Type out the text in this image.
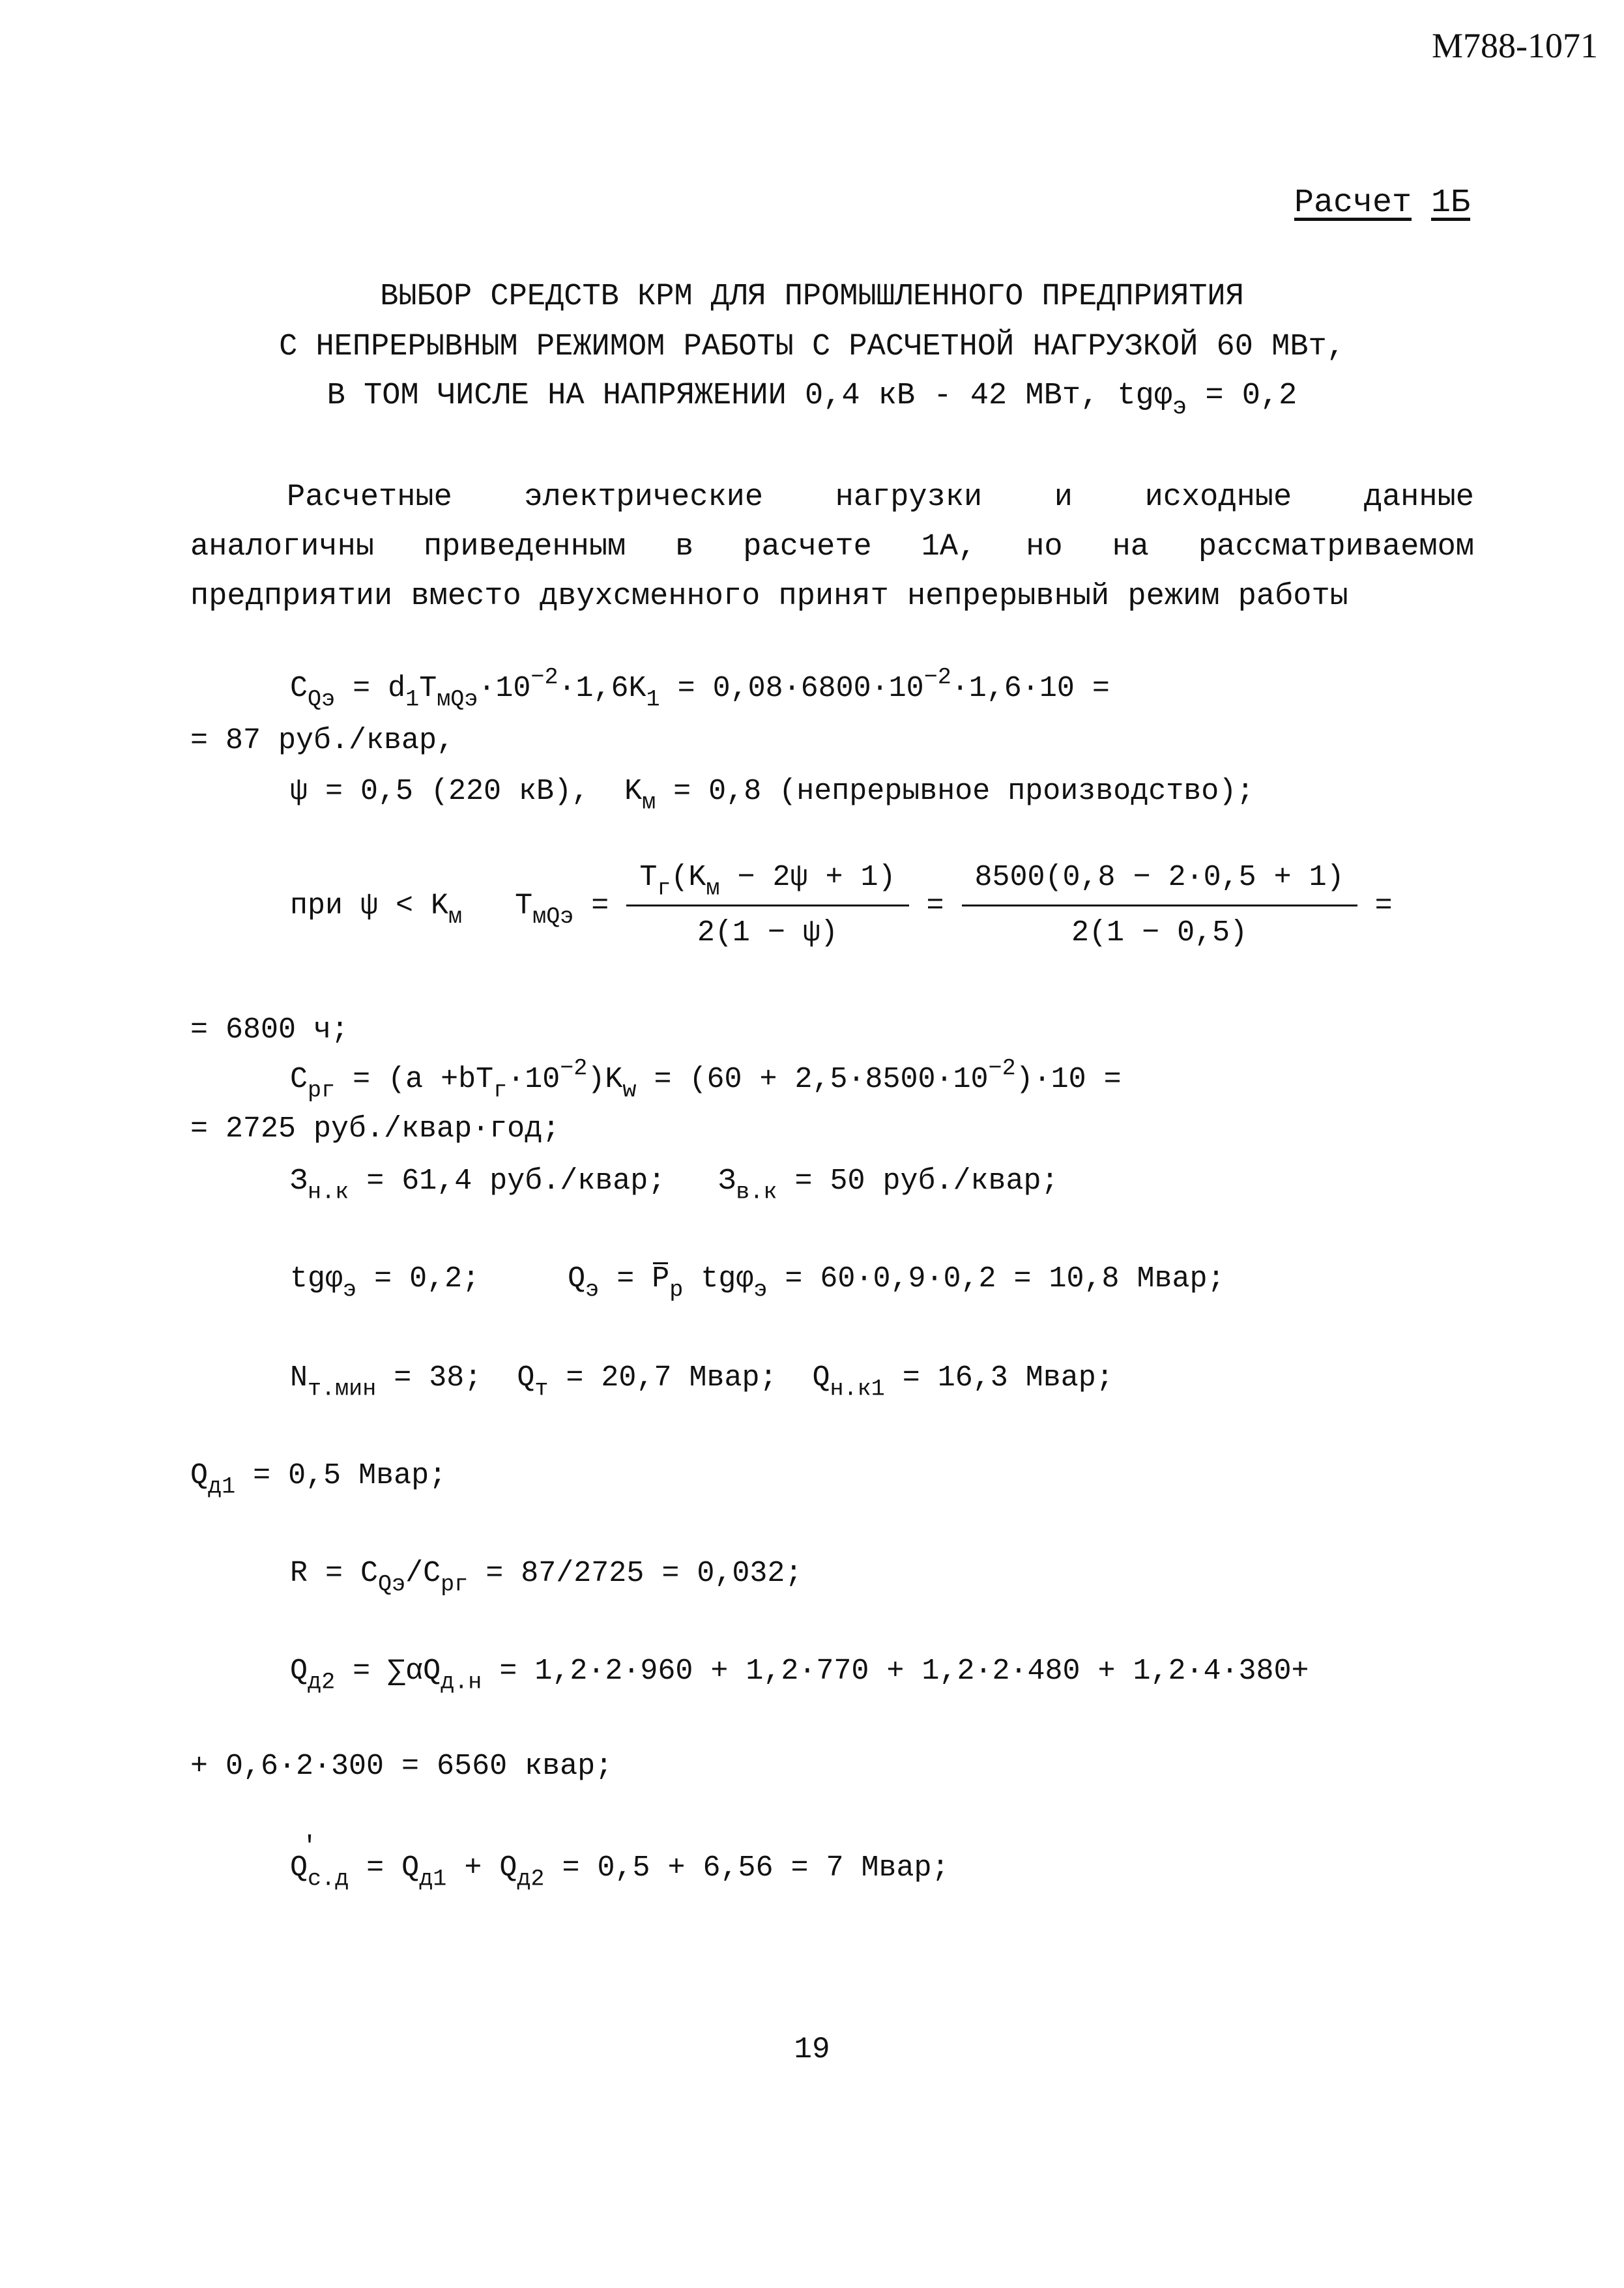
М788-1071
Расчет 1Б
ВЫБОР СРЕДСТВ КРМ ДЛЯ ПРОМЫШЛЕННОГО ПРЕДПРИЯТИЯ
С НЕПРЕРЫВНЫМ РЕЖИМОМ РАБОТЫ С РАСЧЕТНОЙ НАГРУЗКОЙ 60 МВт,
В ТОМ ЧИСЛЕ НА НАПРЯЖЕНИИ 0,4 кВ - 42 МВт, tgφ$_э$ = 0,2
Расчетные электрические нагрузки и исходные данные
аналогичны приведенным в расчете 1А, но на рассматриваемом
предприятии вместо двухсменного принят непрерывный режим работы
$C_{Qэ} = d_1T_{мQэ}\cdot 10^{-2}\cdot 1,6K_1 = 0,08\cdot 6800\cdot 10^{-2}\cdot 1,6\cdot 10$ =
= 87 руб./квар,
ψ = 0,5 (220 кВ),  $K_м = 0,8$ (непрерывное производство);
при $\psi < K_м$   $T_{мQэ} = \frac{T_г(K_м - 2\psi + 1)}{2(1 - \psi)} = \frac{8500(0,8 - 2\cdot 0,5 + 1)}{2(1 - 0,5)}$ =
= 6800 ч;
$C_{рг} = (a +bT_г\cdot 10^{-2})K_w = (60 + 2,5\cdot 8500\cdot 10^{-2})\cdot 10$ =
= 2725 руб./квар·год;
$З_{н.к} = 61,4$ руб./квар;   $З_{в.к} = 50$ руб./квар;
tgφ$_э$ = 0,2;     $Q_э = P_р$ tgφ$_э$ = 60·0,9·0,2 = 10,8 Мвар;
$N_{т.мин} = 38$;  $Q_т = 20,7$ Мвар;  $Q_{н.к1} = 16,3$ Мвар;
$Q_{д1} = 0,5$ Мвар;
$R = C_{Qэ}/C_{рг} = 87/2725 = 0,032$;
$Q_{д2} = \sum\alpha Q_{д.н} = 1,2\cdot 2\cdot 960 + 1,2\cdot 770 + 1,2\cdot 2\cdot 480 + 1,2\cdot 4\cdot 380+$
+ 0,6·2·300 = 6560 квар;
′ $Q_{с.д} = Q_{д1} + Q_{д2} = 0,5 + 6,56 = 7$ Мвар;
19
